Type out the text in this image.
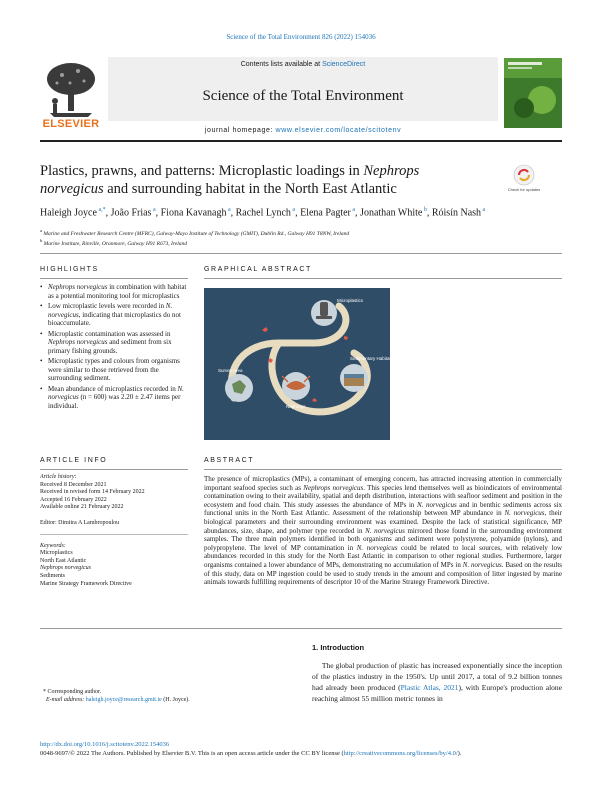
Science of the Total Environment 826 (2022) 154036
ELSEVIER
Contents lists available at ScienceDirect
Science of the Total Environment
journal homepage: www.elsevier.com/locate/scitotenv
Plastics, prawns, and patterns: Microplastic loadings in Nephrops norvegicus and surrounding habitat in the North East Atlantic	Check for updates
Haleigh Joyce $^{a,*}$, João Frias $^a$, Fiona Kavanagh $^a$, Rachel Lynch $^a$, Elena Pagter $^a$, Jonathan White $^b$, Róisín Nash $^a$
$^a$ Marine and Freshwater Research Centre (MFRC), Galway-Mayo Institute of Technology (GMIT), Dublin Rd., Galway H91 T8NW, Ireland
$^b$ Marine Institute, Rinville, Oranmore, Galway H91 R673, Ireland
HIGHLIGHTS
• Nephrops norvegicus in combination with habitat as a potential monitoring tool for microplastics
• Low microplastic levels were recorded in N. norvegicus, indicating that microplastics do not bioaccumulate.
• Microplastic contamination was assessed in Nephrops norvegicus and sediment from six primary fishing grounds.
• Microplastic types and colours from organisms were similar to those retrieved from the surrounding sediment.
• Mean abundance of microplastics recorded in N. norvegicus (n = 600) was 2.20 ± 2.47 items per individual.
GRAPHICAL ABSTRACT
Microplastics
Survey Area
Sedimentary Habitat
Nephrops
ARTICLE INFO
Article history:
Received 8 December 2021
Received in revised form 14 February 2022
Accepted 16 February 2022
Available online 21 February 2022
Editor: Dimitra A Lambropoulou
Keywords:
Microplastics
North East Atlantic
Nephrops norvegicus
Sediments
Marine Strategy Framework Directive
ABSTRACT
The presence of microplastics (MPs), a contaminant of emerging concern, has attracted increasing attention in commercially important seafood species such as Nephrops norvegicus. This species lend themselves well as bioindicators of environmental contamination owing to their availability, spatial and depth distribution, interactions with seafloor sediment and position in the ecosystem and food chain. This study assesses the abundance of MPs in N. norvegicus and in benthic sediments across six functional units in the North East Atlantic. Assessment of the relationship between MP abundance in N. norvegicus, their biological parameters and their surrounding environment was examined. Despite the lack of statistical significance, MP abundances, size, shape, and polymer type recorded in N. norvegicus mirrored those found in the surrounding environment samples. The three main polymers identified in both organisms and sediment were polystyrene, polyamide (nylons), and polypropylene. The level of MP contamination in N. norvegicus could be related to local sources, with relatively low abundances recorded in this study for the North East Atlantic in comparison to other regional studies. Furthermore, larger organisms contained a lower abundance of MPs, demonstrating no accumulation of MPs in N. norvegicus. Based on the results of this study, data on MP ingestion could be used to study trends in the amount and composition of litter ingested by marine animals towards fulfilling requirements of descriptor 10 of the Marine Strategy Framework Directive.
1. Introduction
The global production of plastic has increased exponentially since the inception of the plastics industry in the 1950's. Up until 2017, a total of 9.2 billion tonnes had already been produced (Plastic Atlas, 2021), with Europe's production alone reaching almost 55 million metric tonnes in
* Corresponding author.
E-mail address: haleigh.joyce@research.gmit.ie (H. Joyce).
http://dx.doi.org/10.1016/j.scitotenv.2022.154036
0048-9697/© 2022 The Authors. Published by Elsevier B.V. This is an open access article under the CC BY license (http://creativecommons.org/licenses/by/4.0/).
